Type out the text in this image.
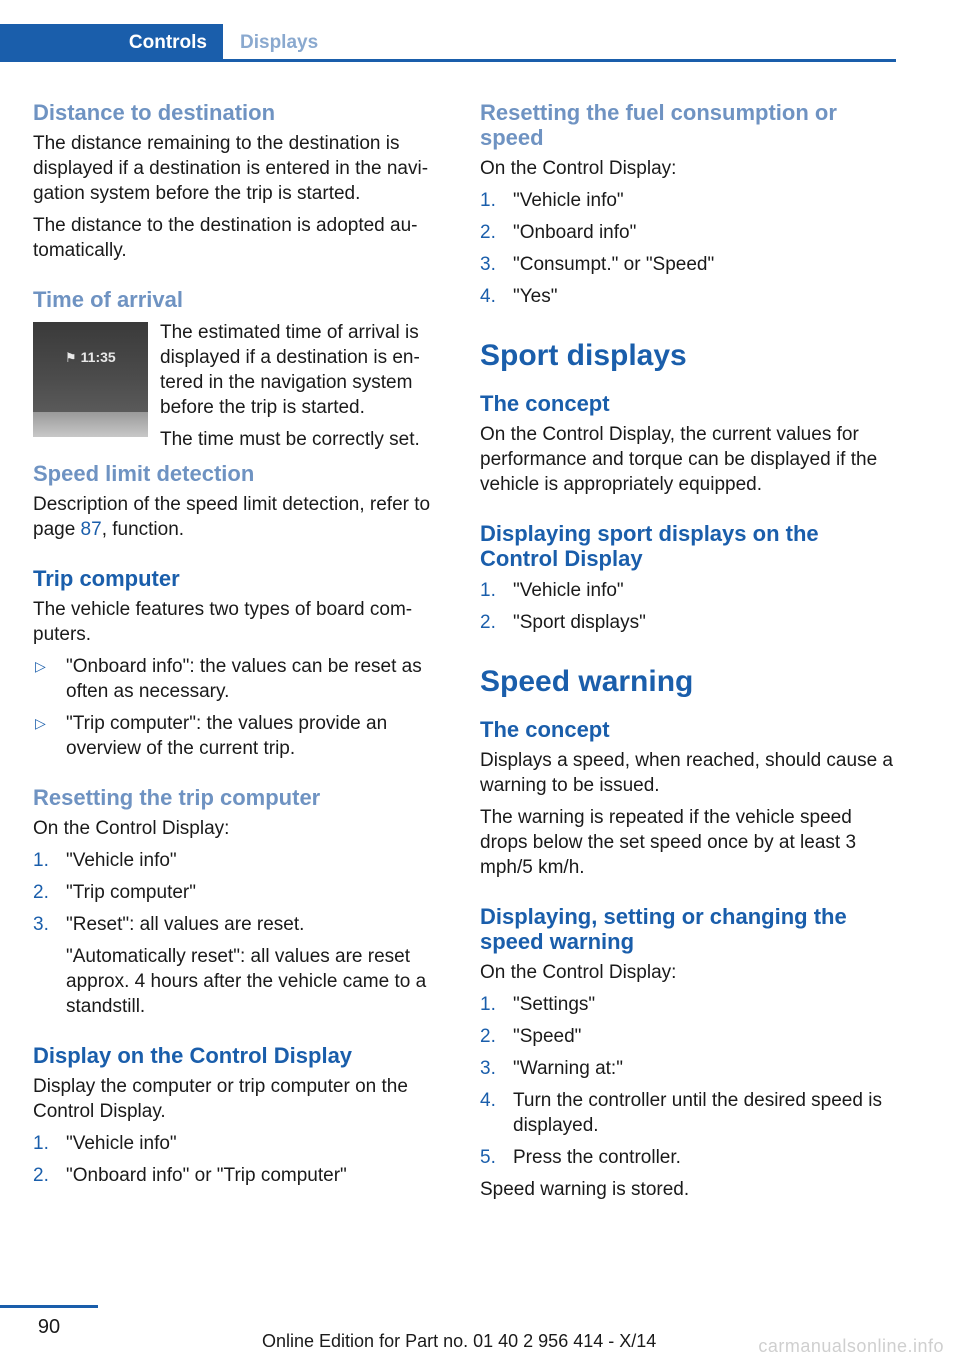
Controls	Displays
Distance to destination

The distance remaining to the destination is displayed if a destination is entered in the navi‐gation system before the trip is started.

The distance to the destination is adopted au‐tomatically.

Time of arrival
⚑ 11:35

The estimated time of arrival is displayed if a destination is en‐tered in the navigation system before the trip is started.

The time must be correctly set.

Speed limit detection

Description of the speed limit detection, refer to page 87, function.

Trip computer

The vehicle features two types of board com‐puters.

▷ "Onboard info": the values can be reset as often as necessary.
▷ "Trip computer": the values provide an overview of the current trip.
Resetting the trip computer

On the Control Display:

1. "Vehicle info"
2. "Trip computer"
3. "Reset": all values are reset.
"Automatically reset": all values are reset approx. 4 hours after the vehicle came to a standstill.
Display on the Control Display

Display the computer or trip computer on the Control Display.

1. "Vehicle info"
2. "Onboard info" or "Trip computer"
Resetting the fuel consumption or speed

On the Control Display:

1. "Vehicle info"
2. "Onboard info"
3. "Consumpt." or "Speed"
4. "Yes"
Sport displays
The concept

On the Control Display, the current values for performance and torque can be displayed if the vehicle is appropriately equipped.

Displaying sport displays on the Control Display
1. "Vehicle info"
2. "Sport displays"
Speed warning
The concept

Displays a speed, when reached, should cause a warning to be issued.

The warning is repeated if the vehicle speed drops below the set speed once by at least 3 mph/5 km/h.

Displaying, setting or changing the speed warning

On the Control Display:

1. "Settings"
2. "Speed"
3. "Warning at:"
4. Turn the controller until the desired speed is displayed.
5. Press the controller.

Speed warning is stored.

90
Online Edition for Part no. 01 40 2 956 414 - X/14	carmanualsonline.info
